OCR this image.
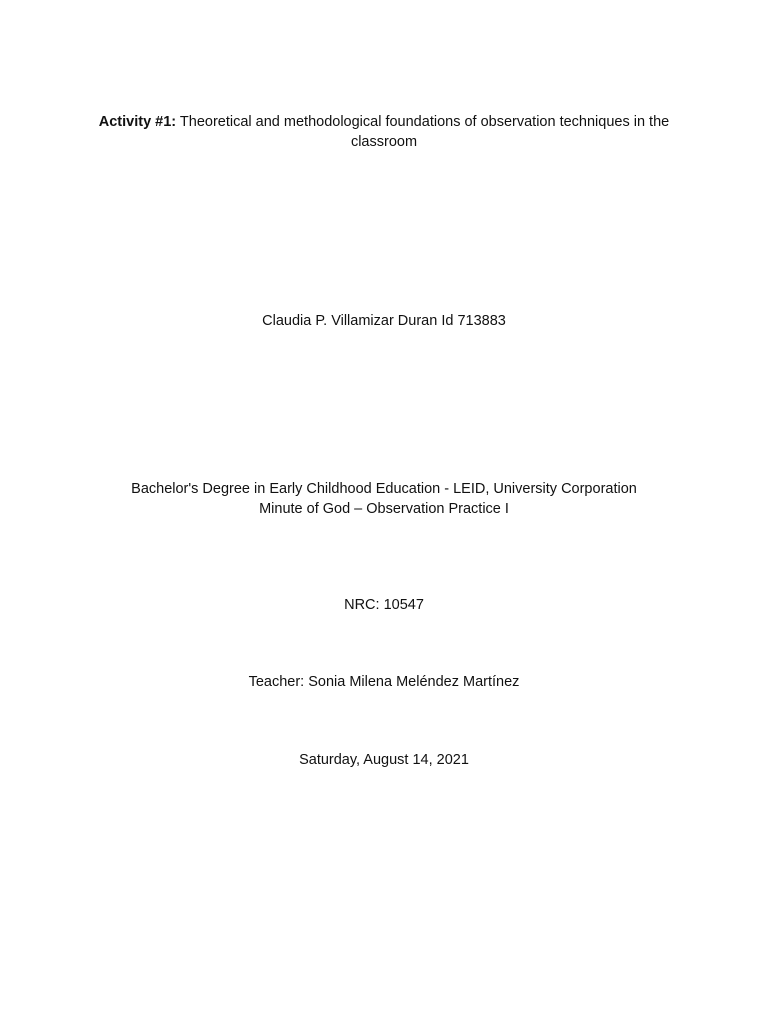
Activity #1: Theoretical and methodological foundations of observation techniques in the
classroom
Claudia P. Villamizar Duran Id 713883
Bachelor's Degree in Early Childhood Education - LEID, University Corporation
Minute of God – Observation Practice I
NRC: 10547
Teacher: Sonia Milena Meléndez Martínez
Saturday, August 14, 2021
